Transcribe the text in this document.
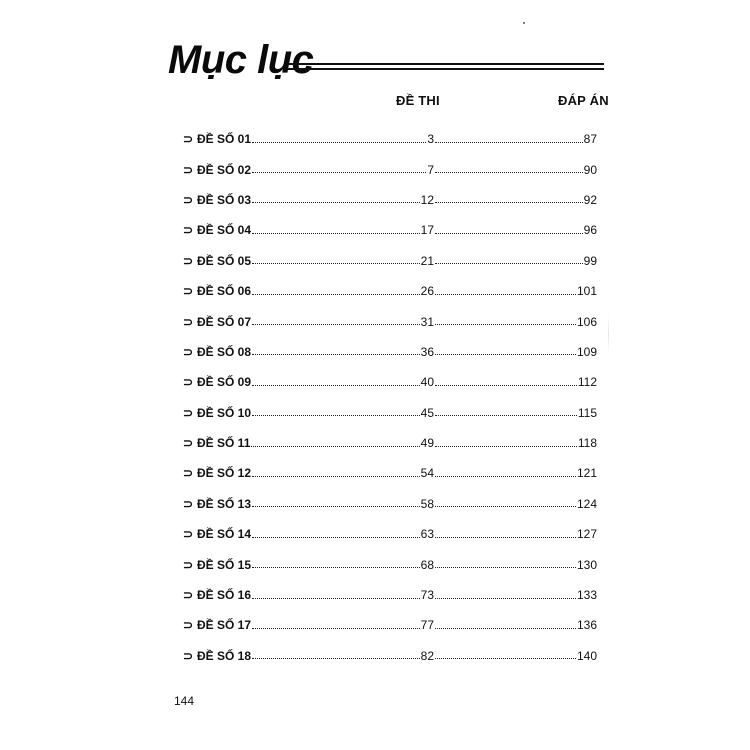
Mục lục
ĐỀ THI	ĐÁP ÁN
⊃ ĐỀ SỐ 01	3	87
⊃ ĐỀ SỐ 02	7	90
⊃ ĐỀ SỐ 03	12	92
⊃ ĐỀ SỐ 04	17	96
⊃ ĐỀ SỐ 05	21	99
⊃ ĐỀ SỐ 06	26	101
⊃ ĐỀ SỐ 07	31	106
⊃ ĐỀ SỐ 08	36	109
⊃ ĐỀ SỐ 09	40	112
⊃ ĐỀ SỐ 10	45	115
⊃ ĐỀ SỐ 11	49	118
⊃ ĐỀ SỐ 12	54	121
⊃ ĐỀ SỐ 13	58	124
⊃ ĐỀ SỐ 14	63	127
⊃ ĐỀ SỐ 15	68	130
⊃ ĐỀ SỐ 16	73	133
⊃ ĐỀ SỐ 17	77	136
⊃ ĐỀ SỐ 18	82	140
144
